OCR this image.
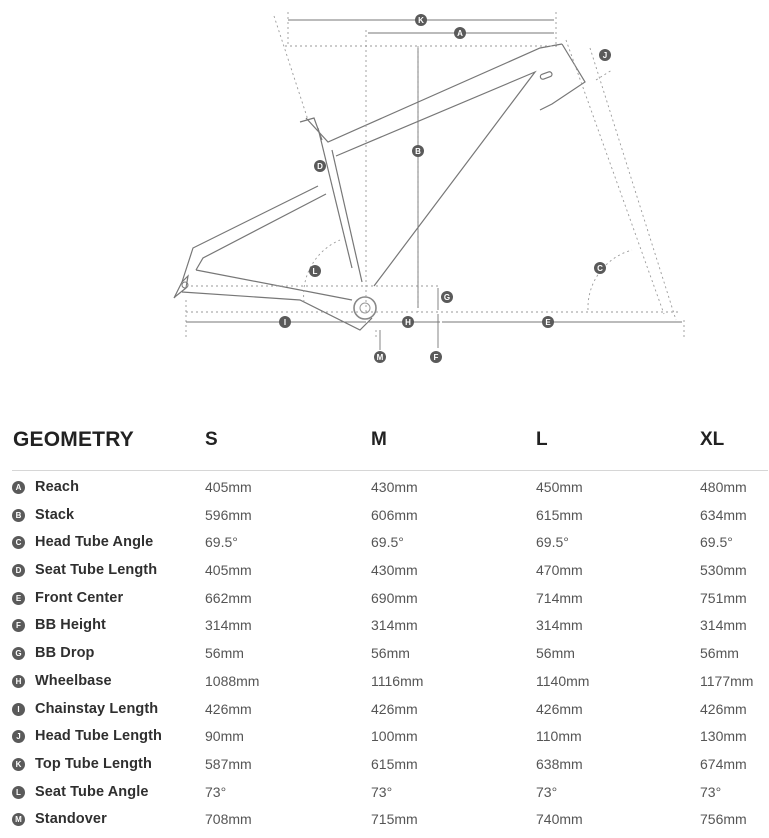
K
A
J
B
D
C
L
G
I	H	E
M	F
GEOMETRY	S	M	L	XL
A Reach	405mm	430mm	450mm	480mm
B Stack	596mm	606mm	615mm	634mm
C Head Tube Angle	69.5°	69.5°	69.5°	69.5°
D Seat Tube Length	405mm	430mm	470mm	530mm
E Front Center	662mm	690mm	714mm	751mm
F BB Height	314mm	314mm	314mm	314mm
G BB Drop	56mm	56mm	56mm	56mm
H Wheelbase	1088mm	1116mm	1140mm	1177mm
I	Chainstay Length	426mm	426mm	426mm	426mm
J Head Tube Length	90mm	100mm	110mm	130mm
K Top Tube Length	587mm	615mm	638mm	674mm
L Seat Tube Angle	73°	73°	73°	73°
M Standover	708mm	715mm	740mm	756mm
